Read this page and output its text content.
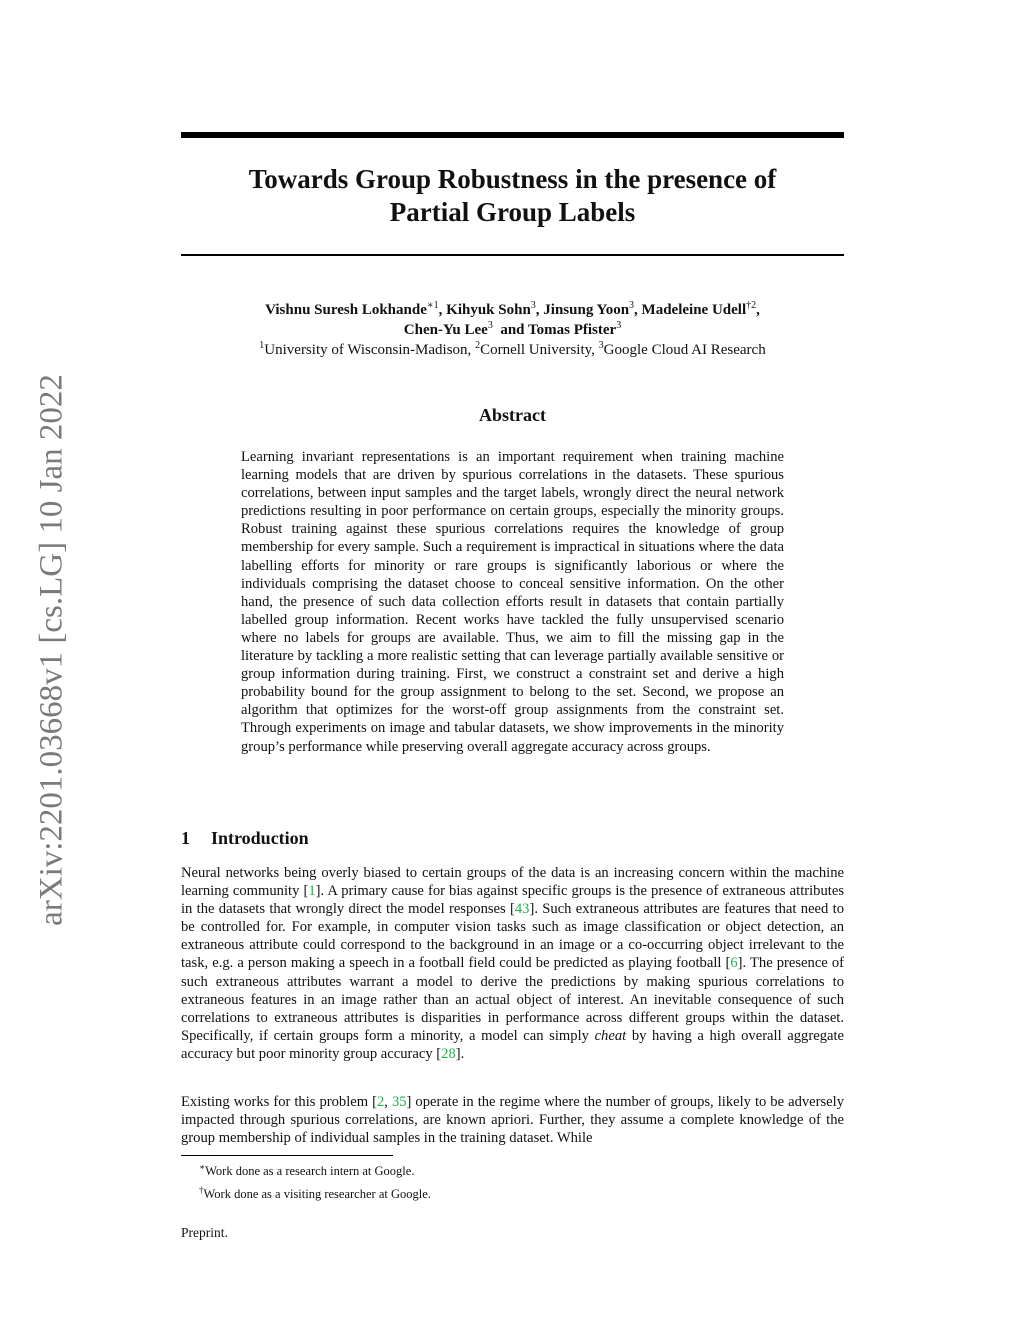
arXiv:2201.03668v1 [cs.LG] 10 Jan 2022
Towards Group Robustness in the presence of
Partial Group Labels
Vishnu Suresh Lokhande$^{∗1}$, Kihyuk Sohn$^3$, Jinsung Yoon$^3$, Madeleine Udell$^{\dagger 2}$,
Chen-Yu Lee$^3$ and Tomas Pfister$^3$
$^1$University of Wisconsin-Madison, $^2$Cornell University, $^3$Google Cloud AI Research
Abstract
Learning invariant representations is an important requirement when training machine learning models that are driven by spurious correlations in the datasets. These spurious correlations, between input samples and the target labels, wrongly direct the neural network predictions resulting in poor performance on certain groups, especially the minority groups. Robust training against these spurious correlations requires the knowledge of group membership for every sample. Such a requirement is impractical in situations where the data labelling efforts for minority or rare groups is significantly laborious or where the individuals comprising the dataset choose to conceal sensitive information. On the other hand, the presence of such data collection efforts result in datasets that contain partially labelled group information. Recent works have tackled the fully unsupervised scenario where no labels for groups are available. Thus, we aim to fill the missing gap in the literature by tackling a more realistic setting that can leverage partially available sensitive or group information during training. First, we construct a constraint set and derive a high probability bound for the group assignment to belong to the set. Second, we propose an algorithm that optimizes for the worst-off group assignments from the constraint set. Through experiments on image and tabular datasets, we show improvements in the minority group’s performance while preserving overall aggregate accuracy across groups.
1 Introduction
Neural networks being overly biased to certain groups of the data is an increasing concern within the machine learning community [1]. A primary cause for bias against specific groups is the presence of extraneous attributes in the datasets that wrongly direct the model responses [43]. Such extraneous attributes are features that need to be controlled for. For example, in computer vision tasks such as image classification or object detection, an extraneous attribute could correspond to the background in an image or a co-occurring object irrelevant to the task, e.g. a person making a speech in a football field could be predicted as playing football [6]. The presence of such extraneous attributes warrant a model to derive the predictions by making spurious correlations to extraneous features in an image rather than an actual object of interest. An inevitable consequence of such correlations to extraneous attributes is disparities in performance across different groups within the dataset. Specifically, if certain groups form a minority, a model can simply cheat by having a high overall aggregate accuracy but poor minority group accuracy [28].
Existing works for this problem [2, 35] operate in the regime where the number of groups, likely to be adversely impacted through spurious correlations, are known apriori. Further, they assume a complete knowledge of the group membership of individual samples in the training dataset. While
∗Work done as a research intern at Google.
†Work done as a visiting researcher at Google.
Preprint.
